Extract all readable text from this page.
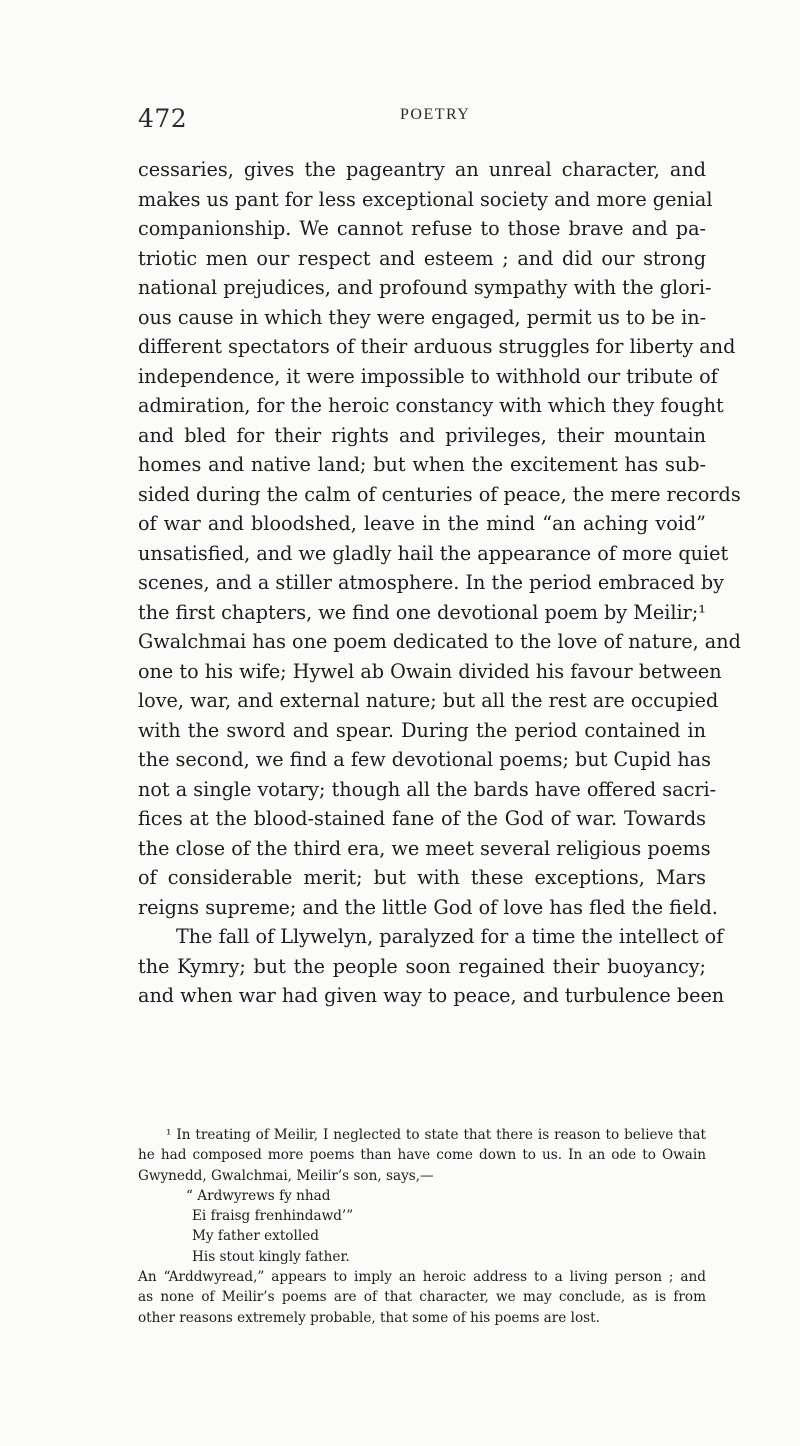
472	POETRY
cessaries, gives the pageantry an unreal character, and
makes us pant for less exceptional society and more genial
companionship. We cannot refuse to those brave and pa-
triotic men our respect and esteem ; and did our strong
national prejudices, and profound sympathy with the glori-
ous cause in which they were engaged, permit us to be in-
different spectators of their arduous struggles for liberty and
independence, it were impossible to withhold our tribute of
admiration, for the heroic constancy with which they fought
and bled for their rights and privileges, their mountain
homes and native land; but when the excitement has sub-
sided during the calm of centuries of peace, the mere records
of war and bloodshed, leave in the mind “an aching void”
unsatisfied, and we gladly hail the appearance of more quiet
scenes, and a stiller atmosphere. In the period embraced by
the first chapters, we find one devotional poem by Meilir;¹
Gwalchmai has one poem dedicated to the love of nature, and
one to his wife; Hywel ab Owain divided his favour between
love, war, and external nature; but all the rest are occupied
with the sword and spear. During the period contained in
the second, we find a few devotional poems; but Cupid has
not a single votary; though all the bards have offered sacri-
fices at the blood-stained fane of the God of war. Towards
the close of the third era, we meet several religious poems
of considerable merit; but with these exceptions, Mars
reigns supreme; and the little God of love has fled the field.
The fall of Llywelyn, paralyzed for a time the intellect of
the Kymry; but the people soon regained their buoyancy;
and when war had given way to peace, and turbulence been
¹ In treating of Meilir, I neglected to state that there is reason to believe that
he had composed more poems than have come down to us. In an ode to Owain
Gwynedd, Gwalchmai, Meilir’s son, says,—
“ Ardwyrews fy nhad
Ei fraisg frenhindawd’”
My father extolled
His stout kingly father.
An “Arddwyread,” appears to imply an heroic address to a living person ; and
as none of Meilir’s poems are of that character, we may conclude, as is from
other reasons extremely probable, that some of his poems are lost.
